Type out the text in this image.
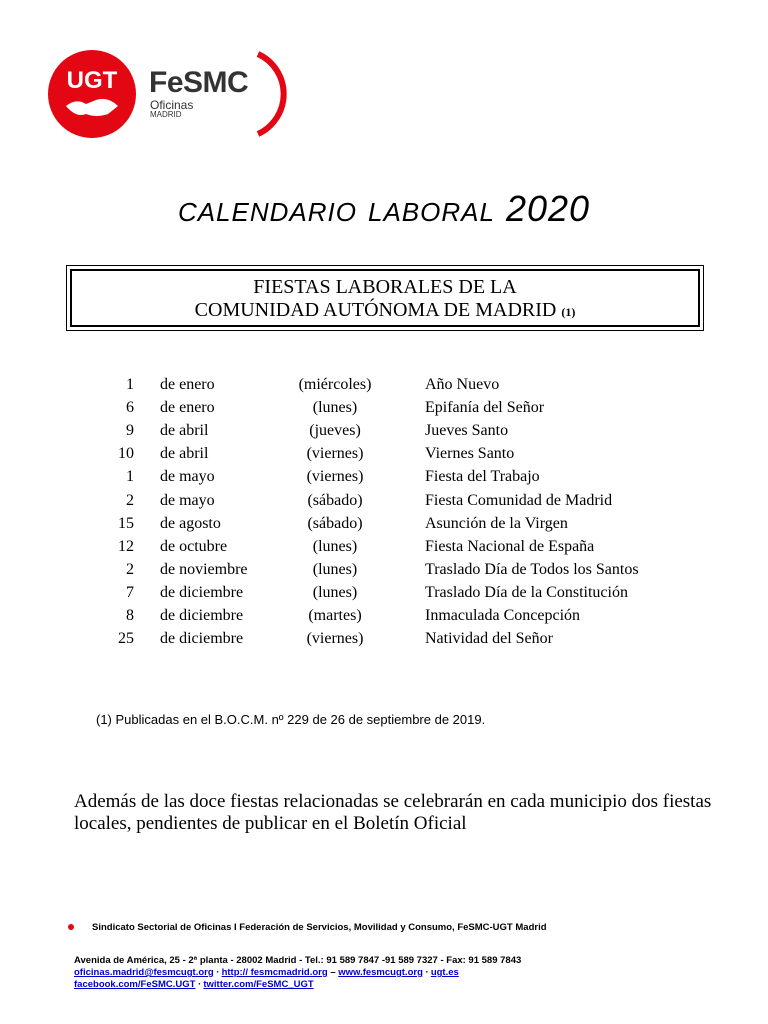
UGT FeSMC
Oficinas
MADRID
CALENDARIO LABORAL 2020
FIESTAS LABORALES DE LA
COMUNIDAD AUTÓNOMA DE MADRID (1)
1 de enero	(miércoles)	Año Nuevo
6 de enero	(lunes)	Epifanía del Señor
9 de abril	(jueves)	Jueves Santo
10 de abril	(viernes)	Viernes Santo
1 de mayo	(viernes)	Fiesta del Trabajo
2 de mayo	(sábado)	Fiesta Comunidad de Madrid
15 de agosto	(sábado)	Asunción de la Virgen
12 de octubre	(lunes)	Fiesta Nacional de España
2 de noviembre	(lunes)	Traslado Día de Todos los Santos
7 de diciembre	(lunes)	Traslado Día de la Constitución
8 de diciembre	(martes)	Inmaculada Concepción
25 de diciembre	(viernes)	Natividad del Señor
(1) Publicadas en el B.O.C.M. nº 229 de 26 de septiembre de 2019.
Además de las doce fiestas relacionadas se celebrarán en cada municipio dos fiestas locales, pendientes de publicar en el Boletín Oficial
Sindicato Sectorial de Oficinas I Federación de Servicios, Movilidad y Consumo, FeSMC-UGT Madrid
Avenida de América, 25 - 2ª planta - 28002 Madrid - Tel.: 91 589 7847 -91 589 7327 - Fax: 91 589 7843
oficinas.madrid@fesmcugt.org ∙ http:// fesmcmadrid.org – www.fesmcugt.org ∙ ugt.es
facebook.com/FeSMC.UGT ∙ twitter.com/FeSMC_UGT
